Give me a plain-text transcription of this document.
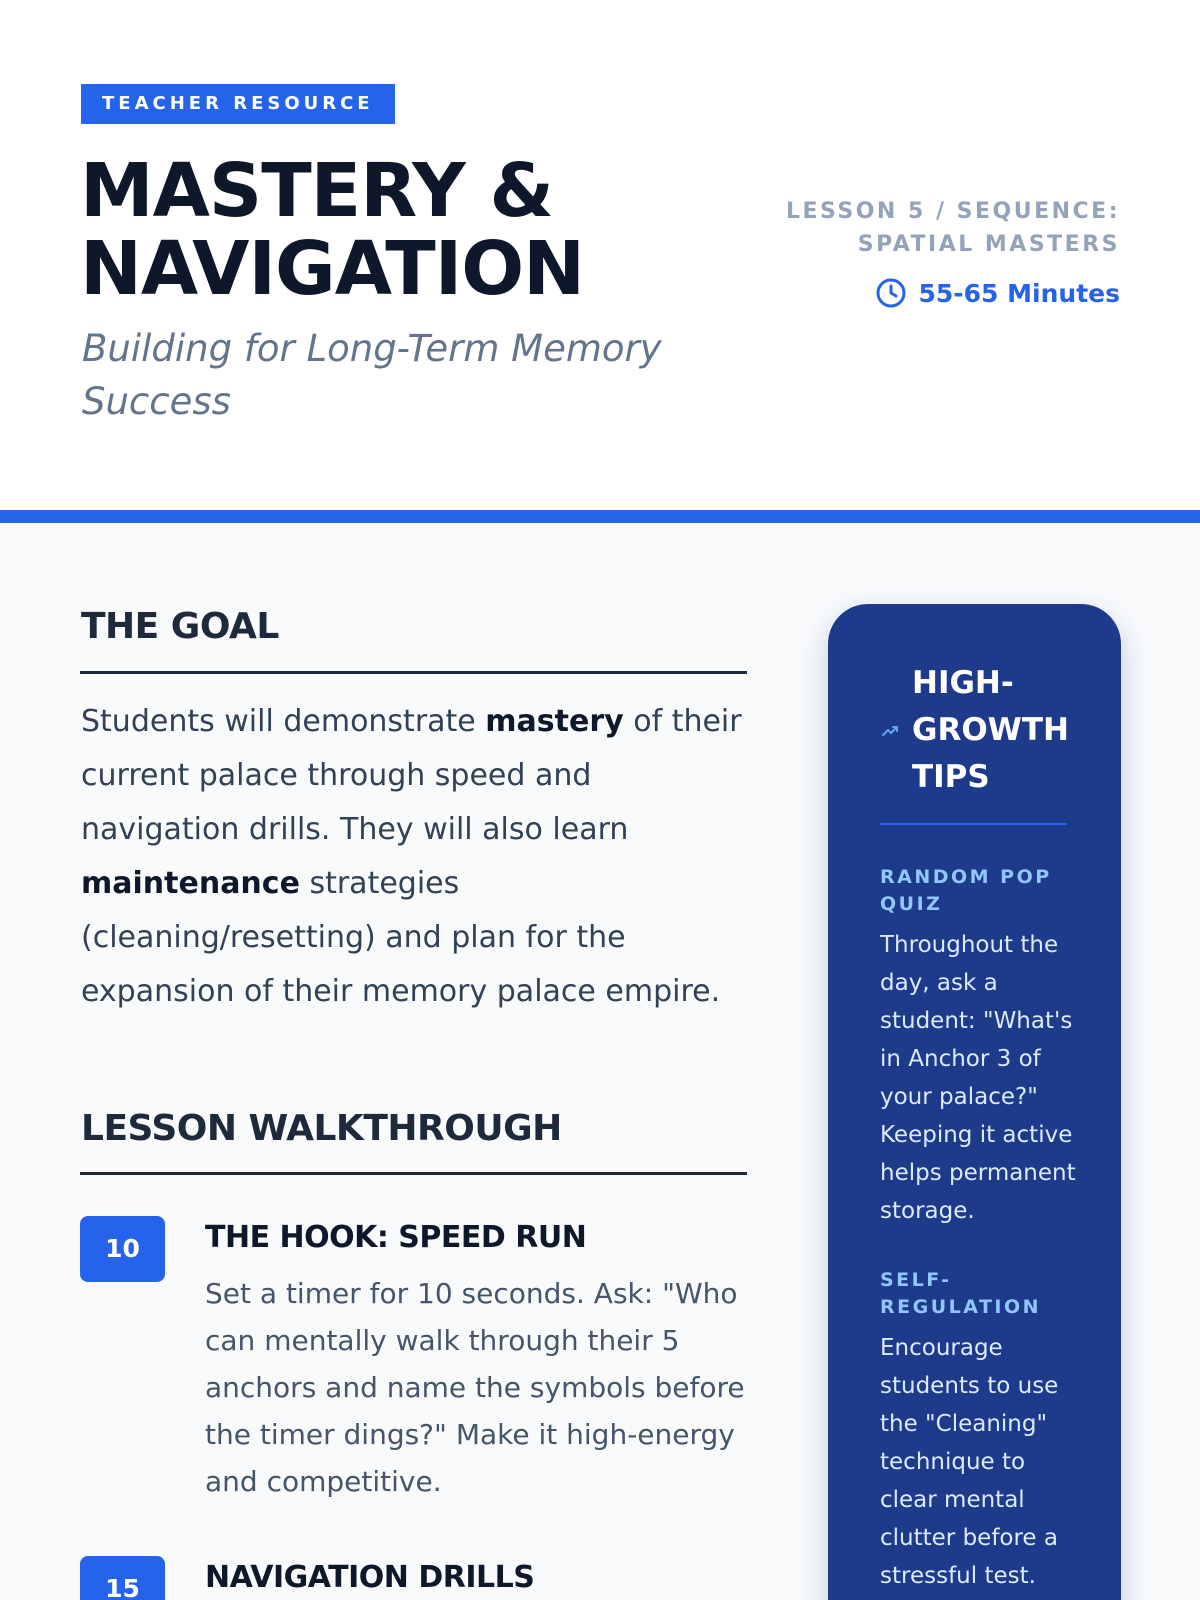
TEACHER RESOURCE
MASTERY &
NAVIGATION
Building for Long-Term Memory Success
LESSON 5 / SEQUENCE:
SPATIAL MASTERS
55-65 Minutes
THE GOAL

Students will demonstrate mastery of their current palace through speed and navigation drills. They will also learn maintenance strategies (cleaning/resetting) and plan for the expansion of their memory palace empire.

LESSON WALKTHROUGH
10	THE HOOK: SPEED RUN

Set a timer for 10 seconds. Ask: "Who can mentally walk through their 5 anchors and name the symbols before the timer dings?" Make it high-energy and competitive.

15	NAVIGATION DRILLS
HIGH-GROWTH TIPS
RANDOM POP QUIZ

Throughout the day, ask a student: "What's in Anchor 3 of your palace?" Keeping it active helps permanent storage.

SELF-REGULATION

Encourage students to use the "Cleaning" technique to clear mental clutter before a stressful test.
